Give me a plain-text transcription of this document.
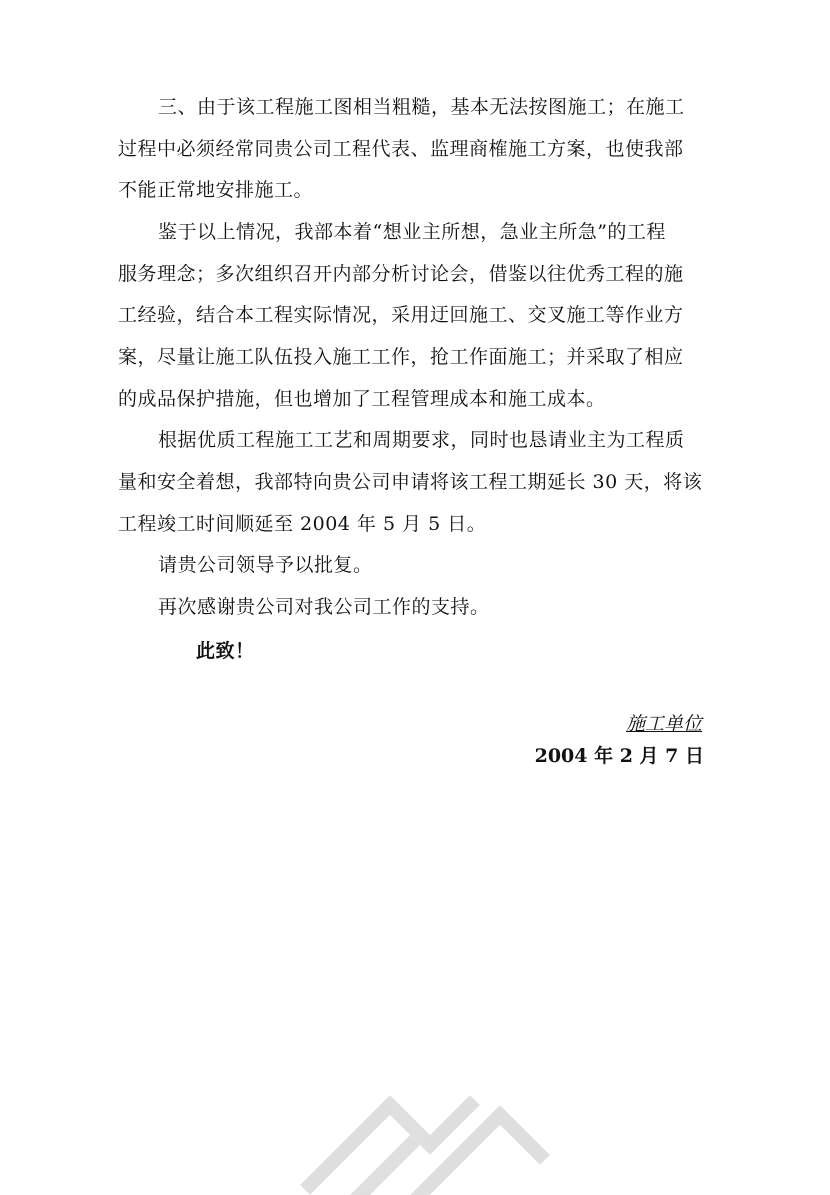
三、由于该工程施工图相当粗糙，基本无法按图施工；在施工
过程中必须经常同贵公司工程代表、监理商榷施工方案，也使我部
不能正常地安排施工。
鉴于以上情况，我部本着“想业主所想，急业主所急”的工程
服务理念；多次组织召开内部分析讨论会，借鉴以往优秀工程的施
工经验，结合本工程实际情况，采用迂回施工、交叉施工等作业方
案，尽量让施工队伍投入施工工作，抢工作面施工；并采取了相应
的成品保护措施，但也增加了工程管理成本和施工成本。
根据优质工程施工工艺和周期要求，同时也恳请业主为工程质
量和安全着想，我部特向贵公司申请将该工程工期延长 30 天，将该
工程竣工时间顺延至 2004 年 5 月 5 日。
请贵公司领导予以批复。
再次感谢贵公司对我公司工作的支持。
此致！
施工单位
2004 年 2 月 7 日
